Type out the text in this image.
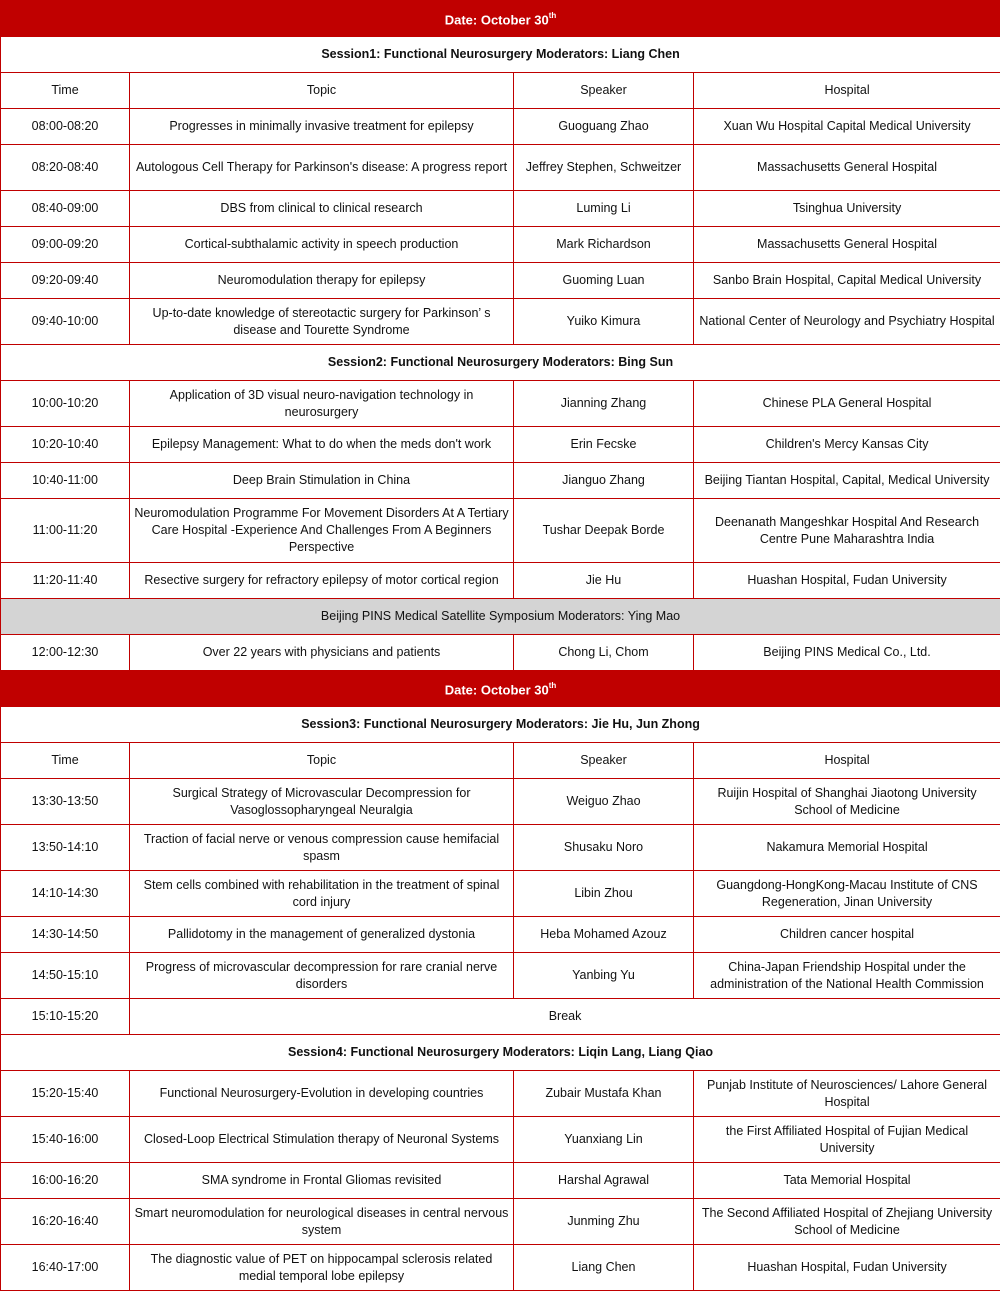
Date: October 30th
Session1: Functional Neurosurgery Moderators: Liang Chen			
Time	Topic	Speaker	Hospital
08:00-08:20	Progresses in minimally invasive treatment for epilepsy	Guoguang Zhao	Xuan Wu Hospital Capital Medical University
08:20-08:40	Autologous Cell Therapy for Parkinson's disease: A progress report	Jeffrey Stephen, Schweitzer	Massachusetts General Hospital
08:40-09:00	DBS from clinical to clinical research	Luming Li	Tsinghua University
09:00-09:20	Cortical-subthalamic activity in speech production	Mark Richardson	Massachusetts General Hospital
09:20-09:40	Neuromodulation therapy for epilepsy	Guoming Luan	Sanbo Brain Hospital, Capital Medical University
09:40-10:00	Up-to-date knowledge of stereotactic surgery for Parkinson’ s disease and Tourette Syndrome	Yuiko Kimura	National Center of Neurology and Psychiatry Hospital
Session2: Functional Neurosurgery Moderators: Bing Sun			
10:00-10:20	Application of 3D visual neuro-navigation technology in neurosurgery	Jianning Zhang	Chinese PLA General Hospital
10:20-10:40	Epilepsy Management: What to do when the meds don't work	Erin Fecske	Children's Mercy Kansas City
10:40-11:00	Deep Brain Stimulation in China	Jianguo Zhang	Beijing Tiantan Hospital, Capital, Medical University
11:00-11:20	Neuromodulation Programme For Movement Disorders At A Tertiary Care Hospital -Experience And Challenges From A Beginners Perspective	Tushar Deepak Borde	Deenanath Mangeshkar Hospital And Research Centre Pune Maharashtra India
11:20-11:40	Resective surgery for refractory epilepsy of motor cortical region	Jie Hu	Huashan Hospital, Fudan University
Beijing PINS Medical Satellite Symposium Moderators: Ying Mao			
12:00-12:30	Over 22 years with physicians and patients	Chong Li, Chom	Beijing PINS Medical Co., Ltd.
Date: October 30th
Session3: Functional Neurosurgery Moderators: Jie Hu, Jun Zhong			
Time	Topic	Speaker	Hospital
13:30-13:50	Surgical Strategy of Microvascular Decompression for Vasoglossopharyngeal Neuralgia	Weiguo Zhao	Ruijin Hospital of Shanghai Jiaotong University School of Medicine
13:50-14:10	Traction of facial nerve or venous compression cause hemifacial spasm	Shusaku Noro	Nakamura Memorial Hospital
14:10-14:30	Stem cells combined with rehabilitation in the treatment of spinal cord injury	Libin Zhou	Guangdong-HongKong-Macau Institute of CNS Regeneration, Jinan University
14:30-14:50	Pallidotomy in the management of generalized dystonia	Heba Mohamed Azouz	Children cancer hospital
14:50-15:10	Progress of microvascular decompression for rare cranial nerve disorders	Yanbing Yu	China-Japan Friendship Hospital under the administration of the National Health Commission
15:10-15:20	Break		
Session4: Functional Neurosurgery Moderators: Liqin Lang, Liang Qiao			
15:20-15:40	Functional Neurosurgery-Evolution in developing countries	Zubair Mustafa Khan	Punjab Institute of Neurosciences/ Lahore General Hospital
15:40-16:00	Closed-Loop Electrical Stimulation therapy of Neuronal Systems	Yuanxiang Lin	the First Affiliated Hospital of Fujian Medical University
16:00-16:20	SMA syndrome in Frontal Gliomas revisited	Harshal Agrawal	Tata Memorial Hospital
16:20-16:40	Smart neuromodulation for neurological diseases in central nervous system	Junming Zhu	The Second Affiliated Hospital of Zhejiang University School of Medicine
16:40-17:00	The diagnostic value of PET on hippocampal sclerosis related medial temporal lobe epilepsy	Liang Chen	Huashan Hospital, Fudan University
